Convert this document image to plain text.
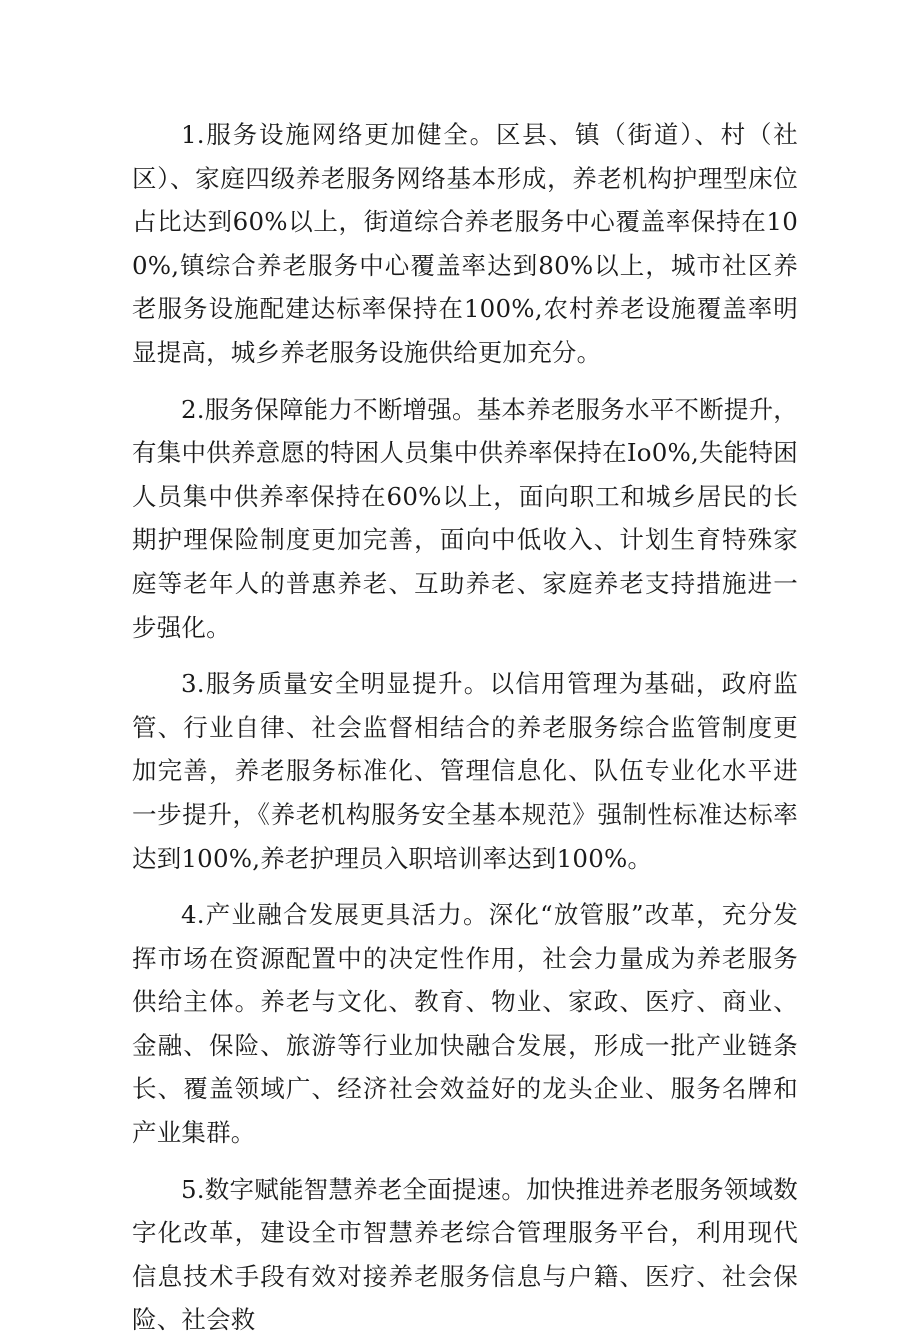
1.服务设施网络更加健全。区县、镇（街道）、村（社区）、家庭四级养老服务网络基本形成，养老机构护理型床位占比达到60%以上，街道综合养老服务中心覆盖率保持在100%,镇综合养老服务中心覆盖率达到80%以上，城市社区养老服务设施配建达标率保持在100%,农村养老设施覆盖率明显提高，城乡养老服务设施供给更加充分。

2.服务保障能力不断增强。基本养老服务水平不断提升，有集中供养意愿的特困人员集中供养率保持在Io0%,失能特困人员集中供养率保持在60%以上，面向职工和城乡居民的长期护理保险制度更加完善，面向中低收入、计划生育特殊家庭等老年人的普惠养老、互助养老、家庭养老支持措施进一步强化。

3.服务质量安全明显提升。以信用管理为基础，政府监管、行业自律、社会监督相结合的养老服务综合监管制度更加完善，养老服务标准化、管理信息化、队伍专业化水平进一步提升，《养老机构服务安全基本规范》强制性标准达标率达到100%,养老护理员入职培训率达到100%。

4.产业融合发展更具活力。深化“放管服”改革，充分发挥市场在资源配置中的决定性作用，社会力量成为养老服务供给主体。养老与文化、教育、物业、家政、医疗、商业、金融、保险、旅游等行业加快融合发展，形成一批产业链条长、覆盖领域广、经济社会效益好的龙头企业、服务名牌和产业集群。

5.数字赋能智慧养老全面提速。加快推进养老服务领域数字化改革，建设全市智慧养老综合管理服务平台，利用现代信息技术手段有效对接养老服务信息与户籍、医疗、社会保险、社会救
